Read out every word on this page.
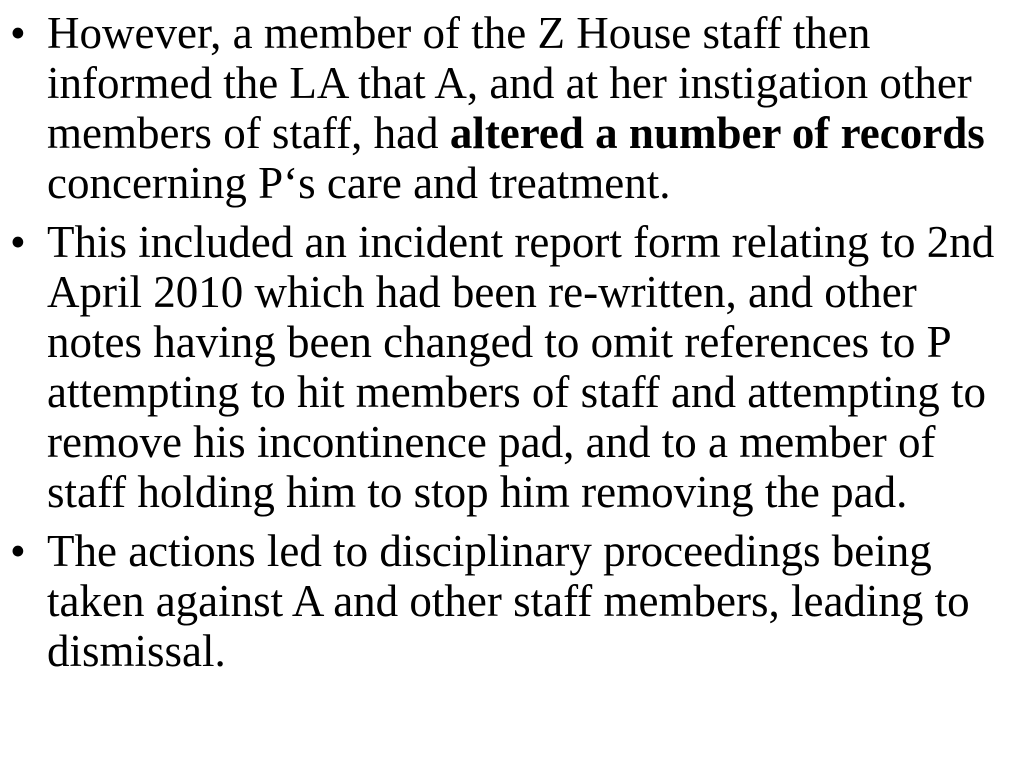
• However, a member of the Z House staff then informed the LA that A, and at her instigation other members of staff, had altered a number of records concerning P‘s care and treatment.
• This included an incident report form relating to 2nd April 2010 which had been re-written, and other notes having been changed to omit references to P attempting to hit members of staff and attempting to remove his incontinence pad, and to a member of staff holding him to stop him removing the pad.
• The actions led to disciplinary proceedings being taken against A and other staff members, leading to dismissal.
